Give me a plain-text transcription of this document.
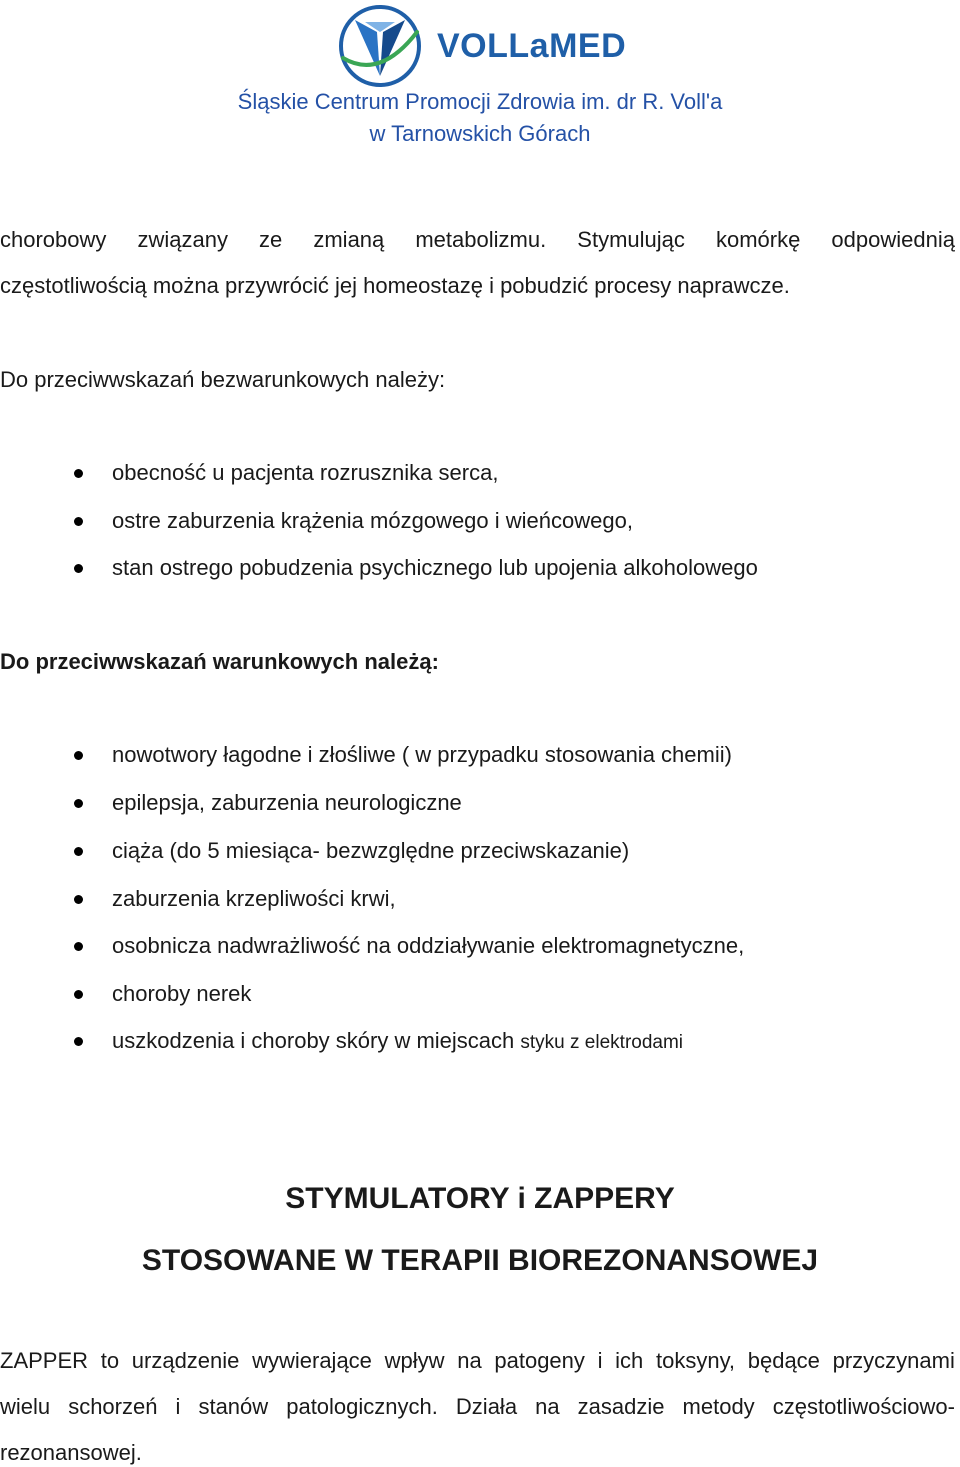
VOLLaMED
Śląskie Centrum Promocji Zdrowia im. dr R. Voll'a
w Tarnowskich Górach
chorobowy związany ze zmianą metabolizmu. Stymulując komórkę odpowiednią
częstotliwością można przywrócić jej homeostazę i pobudzić procesy naprawcze.
Do przeciwwskazań bezwarunkowych należy:
obecność u pacjenta rozrusznika serca,
ostre zaburzenia krążenia mózgowego i wieńcowego,
stan ostrego pobudzenia psychicznego lub upojenia alkoholowego
Do przeciwwskazań warunkowych należą:
nowotwory łagodne i złośliwe ( w przypadku stosowania chemii)
epilepsja, zaburzenia neurologiczne
ciąża (do 5 miesiąca- bezwzględne przeciwskazanie)
zaburzenia krzepliwości krwi,
osobnicza nadwrażliwość na oddziaływanie elektromagnetyczne,
choroby nerek
uszkodzenia i choroby skóry w miejscach styku z elektrodami
STYMULATORY i ZAPPERY
STOSOWANE W TERAPII BIOREZONANSOWEJ
ZAPPER to urządzenie wywierające wpływ na patogeny i ich toksyny, będące przyczynami
wielu schorzeń i stanów patologicznych. Działa na zasadzie metody częstotliwościowo-
rezonansowej.
